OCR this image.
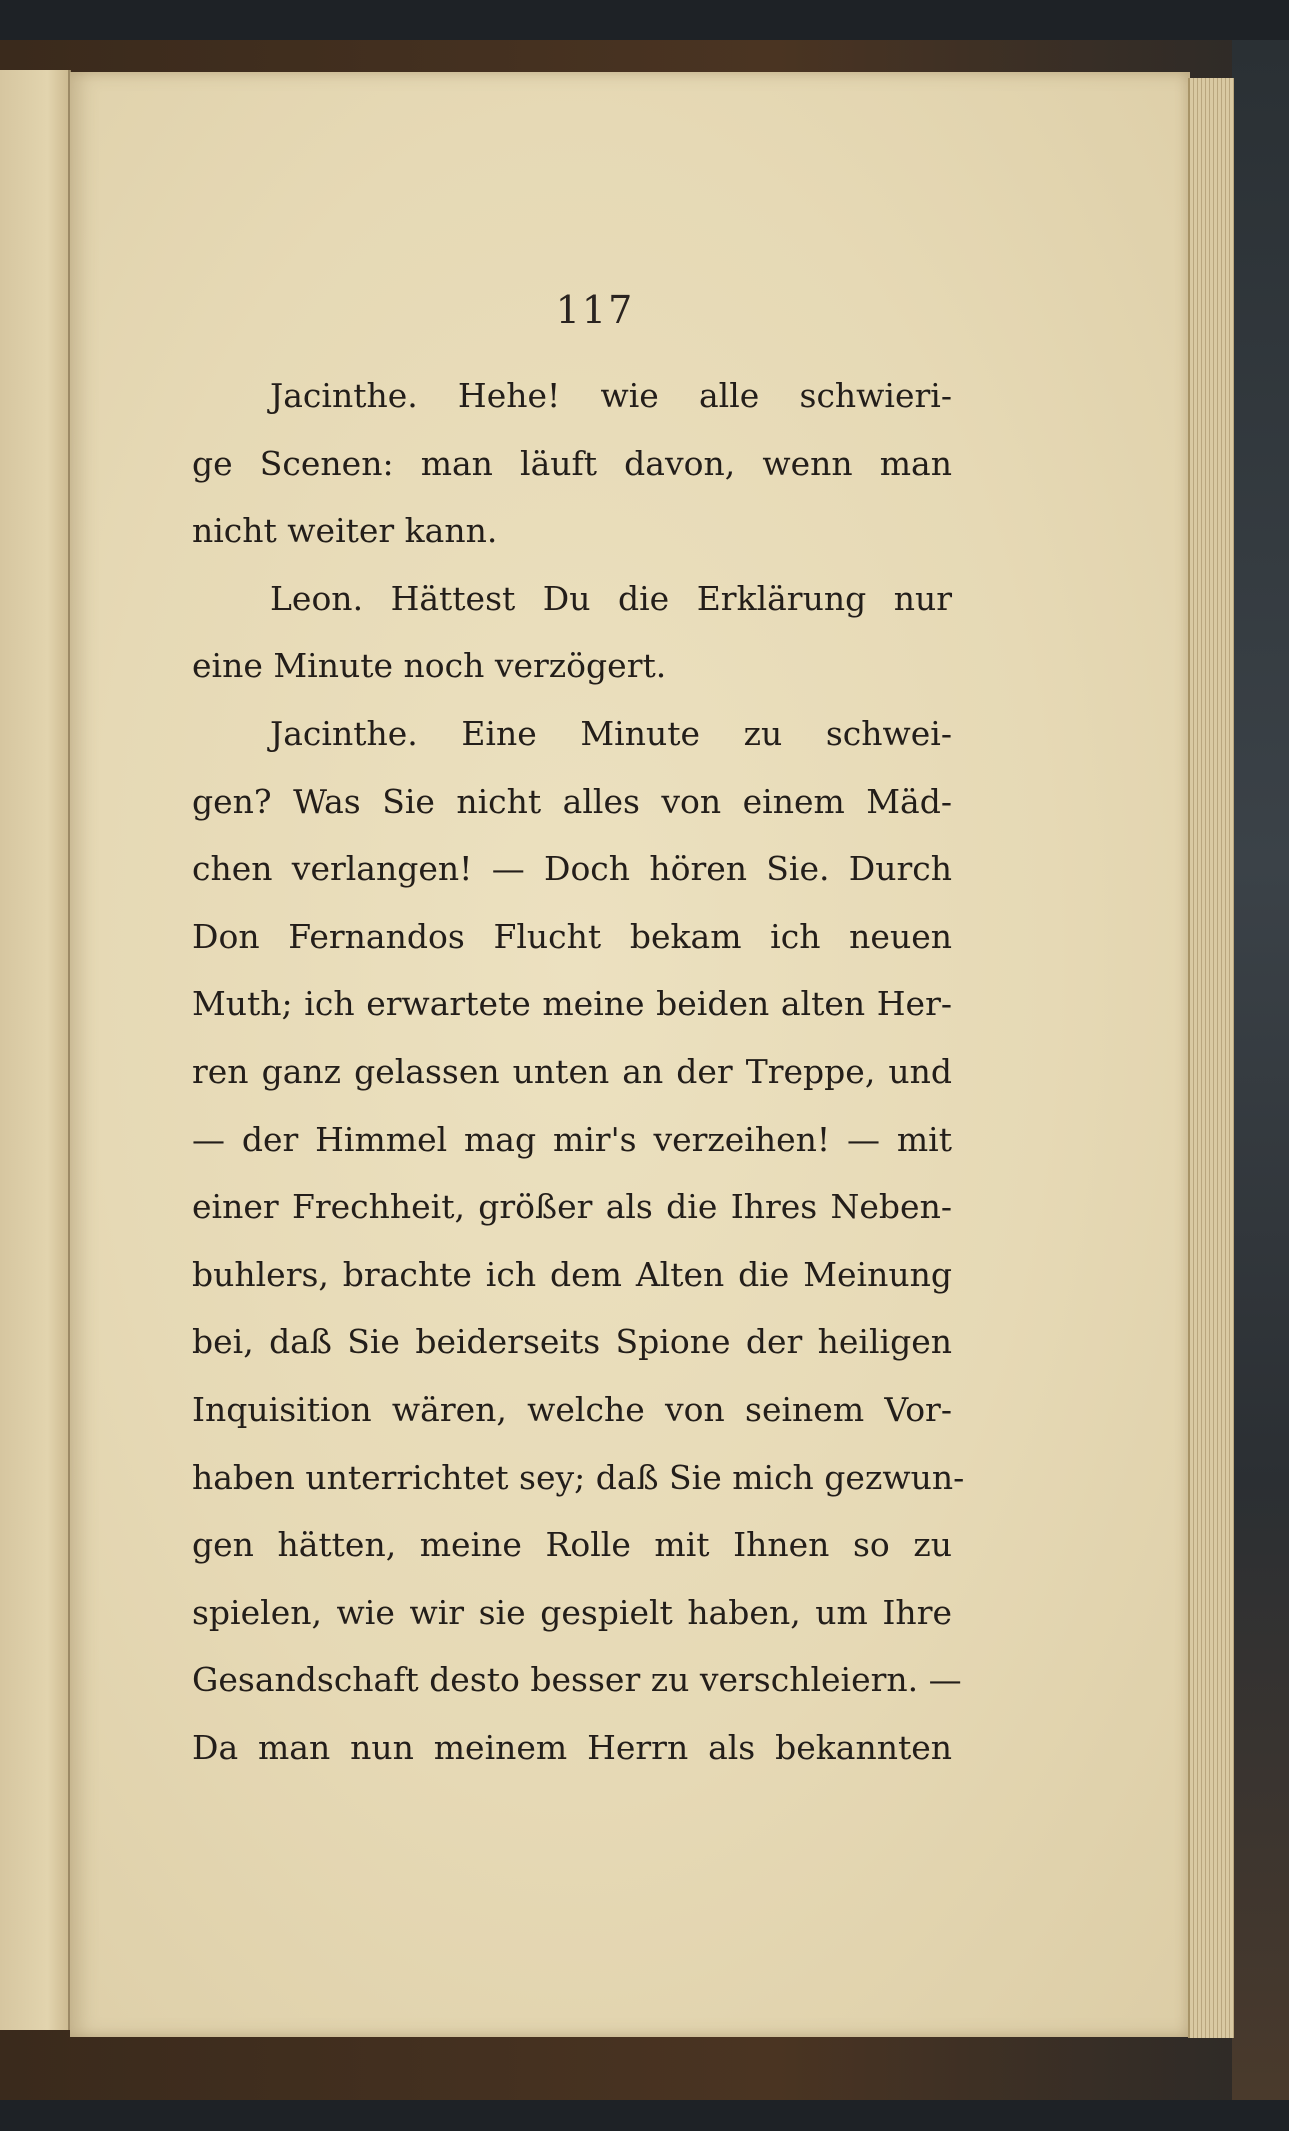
117
Jacinthe. Hehe! wie alle schwieri-
ge Scenen: man läuft davon, wenn man
nicht weiter kann.
Leon. Hättest Du die Erklärung nur
eine Minute noch verzögert.
Jacinthe. Eine Minute zu schwei-
gen? Was Sie nicht alles von einem Mäd-
chen verlangen! — Doch hören Sie. Durch
Don Fernandos Flucht bekam ich neuen
Muth; ich erwartete meine beiden alten Her-
ren ganz gelassen unten an der Treppe, und
— der Himmel mag mir's verzeihen! — mit
einer Frechheit, größer als die Ihres Neben-
buhlers, brachte ich dem Alten die Meinung
bei, daß Sie beiderseits Spione der heiligen
Inquisition wären, welche von seinem Vor-
haben unterrichtet sey; daß Sie mich gezwun-
gen hätten, meine Rolle mit Ihnen so zu
spielen, wie wir sie gespielt haben, um Ihre
Gesandschaft desto besser zu verschleiern. —
Da man nun meinem Herrn als bekannten
